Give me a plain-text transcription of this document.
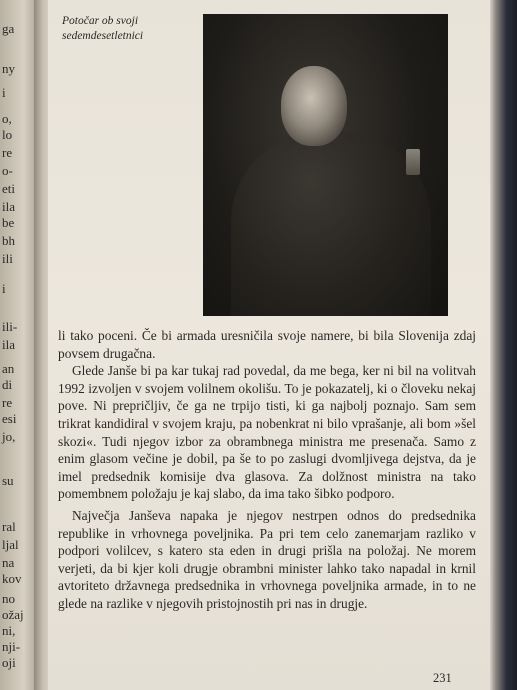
ga
ny
i
o,
lo
re
o-
eti
ila
be
bh
ili
i
ili-
ila
an
di
re
esi
jo,
su
ral
ljal
na
kov
no
ožaj
ni,
nji-
oji
Potočar ob svoji sedemdesetletnici

li tako poceni. Če bi armada uresničila svoje namere, bi bila Slovenija zdaj povsem drugačna.

Glede Janše bi pa kar tukaj rad povedal, da me bega, ker ni bil na volitvah 1992 izvoljen v svojem volilnem okolišu. To je pokazatelj, ki o človeku nekaj pove. Ni prepričljiv, če ga ne trpijo tisti, ki ga najbolj poznajo. Sam sem trikrat kandidiral v svojem kraju, pa nobenkrat ni bilo vprašanje, ali bom »šel skozi«. Tudi njegov izbor za obrambnega ministra me presenača. Samo z enim glasom večine je dobil, pa še to po zaslugi dvomljivega dejstva, da je imel predsednik komisije dva glasova. Za dolžnost ministra na tako pomembnem položaju je kaj slabo, da ima tako šibko podporo.

Največja Janševa napaka je njegov nestrpen odnos do predsednika republike in vrhovnega poveljnika. Pa pri tem celo zanemarjam razliko v podpori volilcev, s katero sta eden in drugi prišla na položaj. Ne morem verjeti, da bi kjer koli drugje obrambni minister lahko tako napadal in krnil avtoriteto državnega predsednika in vrhovnega poveljnika armade, in to ne glede na razlike v njegovih pristojnostih pri nas in drugje.

231
